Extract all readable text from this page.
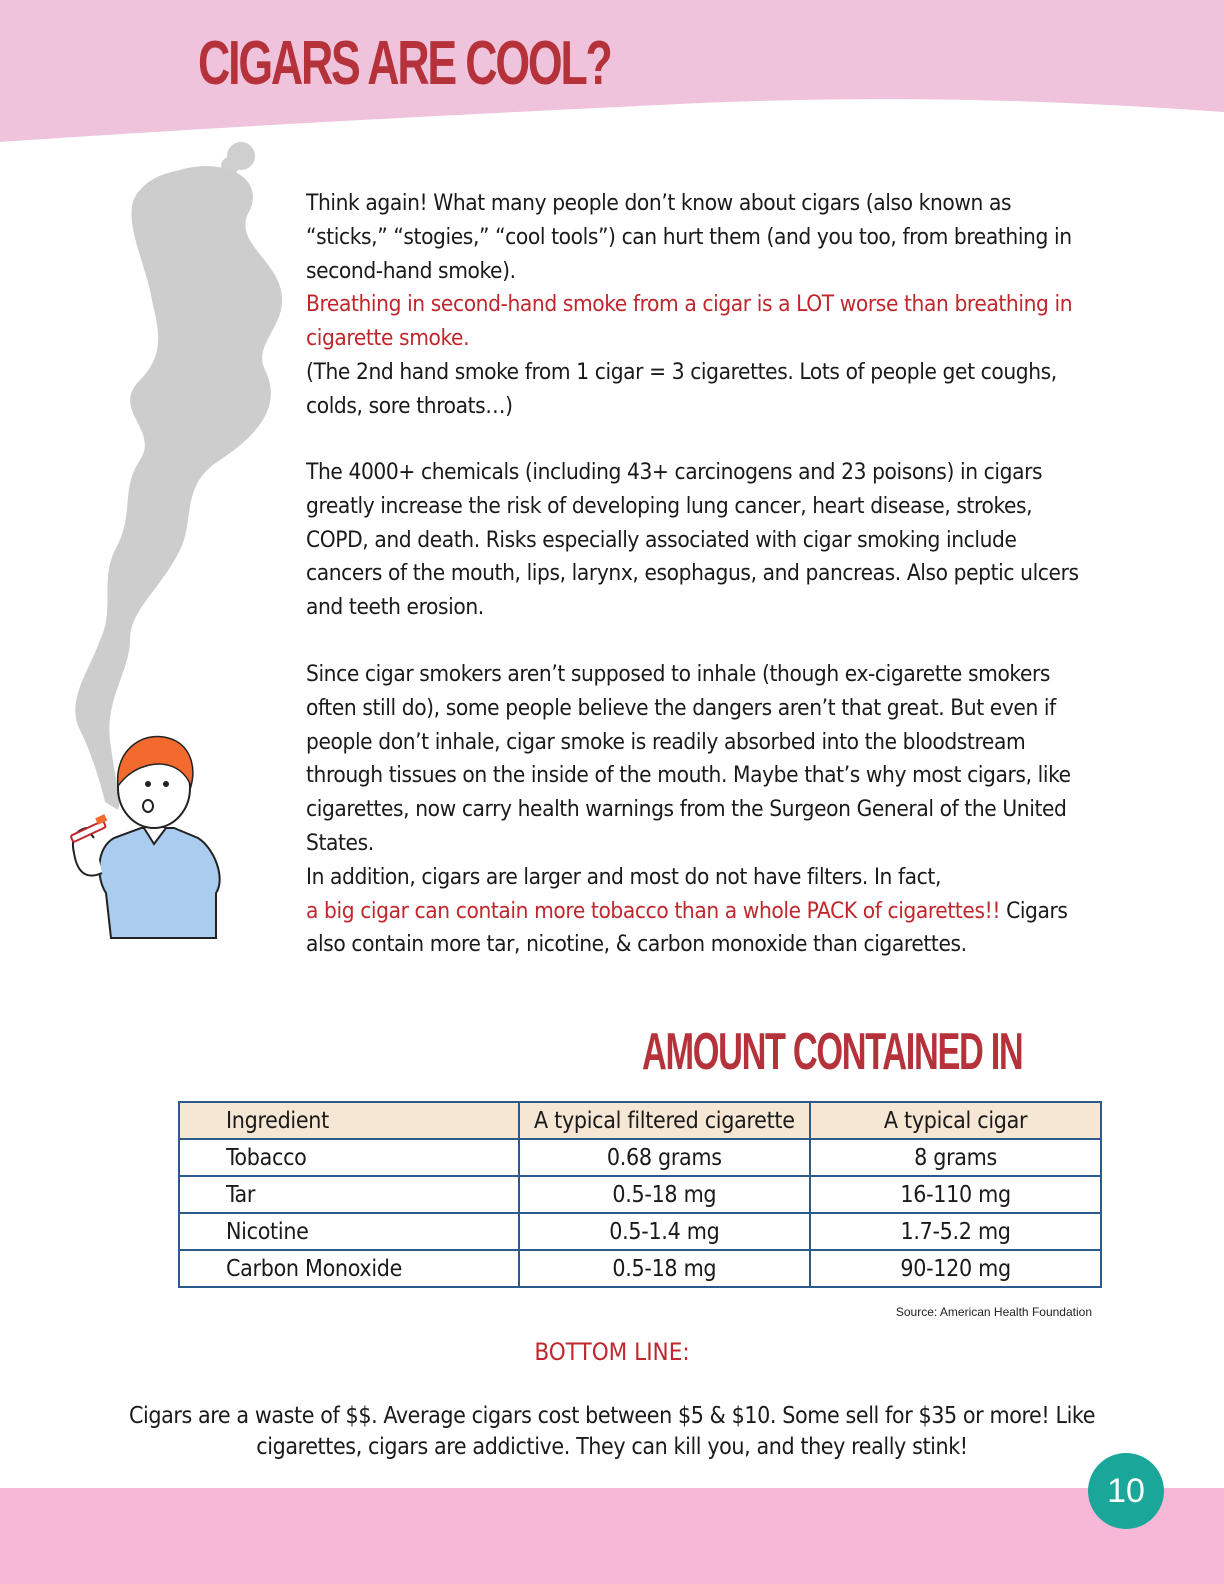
CIGARS ARE COOL?
Think again! What many people don’t know about cigars (also known as “sticks,” “stogies,” “cool tools”) can hurt them (and you too, from breathing in second-hand smoke).
Breathing in second-hand smoke from a cigar is a LOT worse than breathing in cigarette smoke.
(The 2nd hand smoke from 1 cigar = 3 cigarettes. Lots of people get coughs, colds, sore throats…)
The 4000+ chemicals (including 43+ carcinogens and 23 poisons) in cigars greatly increase the risk of developing lung cancer, heart disease, strokes, COPD, and death. Risks especially associated with cigar smoking include cancers of the mouth, lips, larynx, esophagus, and pancreas. Also peptic ulcers and teeth erosion.
Since cigar smokers aren’t supposed to inhale (though ex-cigarette smokers often still do), some people believe the dangers aren’t that great. But even if people don’t inhale, cigar smoke is readily absorbed into the bloodstream through tissues on the inside of the mouth. Maybe that’s why most cigars, like cigarettes, now carry health warnings from the Surgeon General of the United States.
In addition, cigars are larger and most do not have filters. In fact,
a big cigar can contain more tobacco than a whole PACK of cigarettes!! Cigars also contain more tar, nicotine, & carbon monoxide than cigarettes.
AMOUNT CONTAINED IN
Ingredient	A typical filtered cigarette	A typical cigar
Tobacco	0.68 grams	8 grams
Tar	0.5-18 mg	16-110 mg
Nicotine	0.5-1.4 mg	1.7-5.2 mg
Carbon Monoxide	0.5-18 mg	90-120 mg
Source: American Health Foundation
BOTTOM LINE:

Cigars are a waste of $$. Average cigars cost between $5 & $10. Some sell for $35 or more! Like cigarettes, cigars are addictive. They can kill you, and they really stink!

10
